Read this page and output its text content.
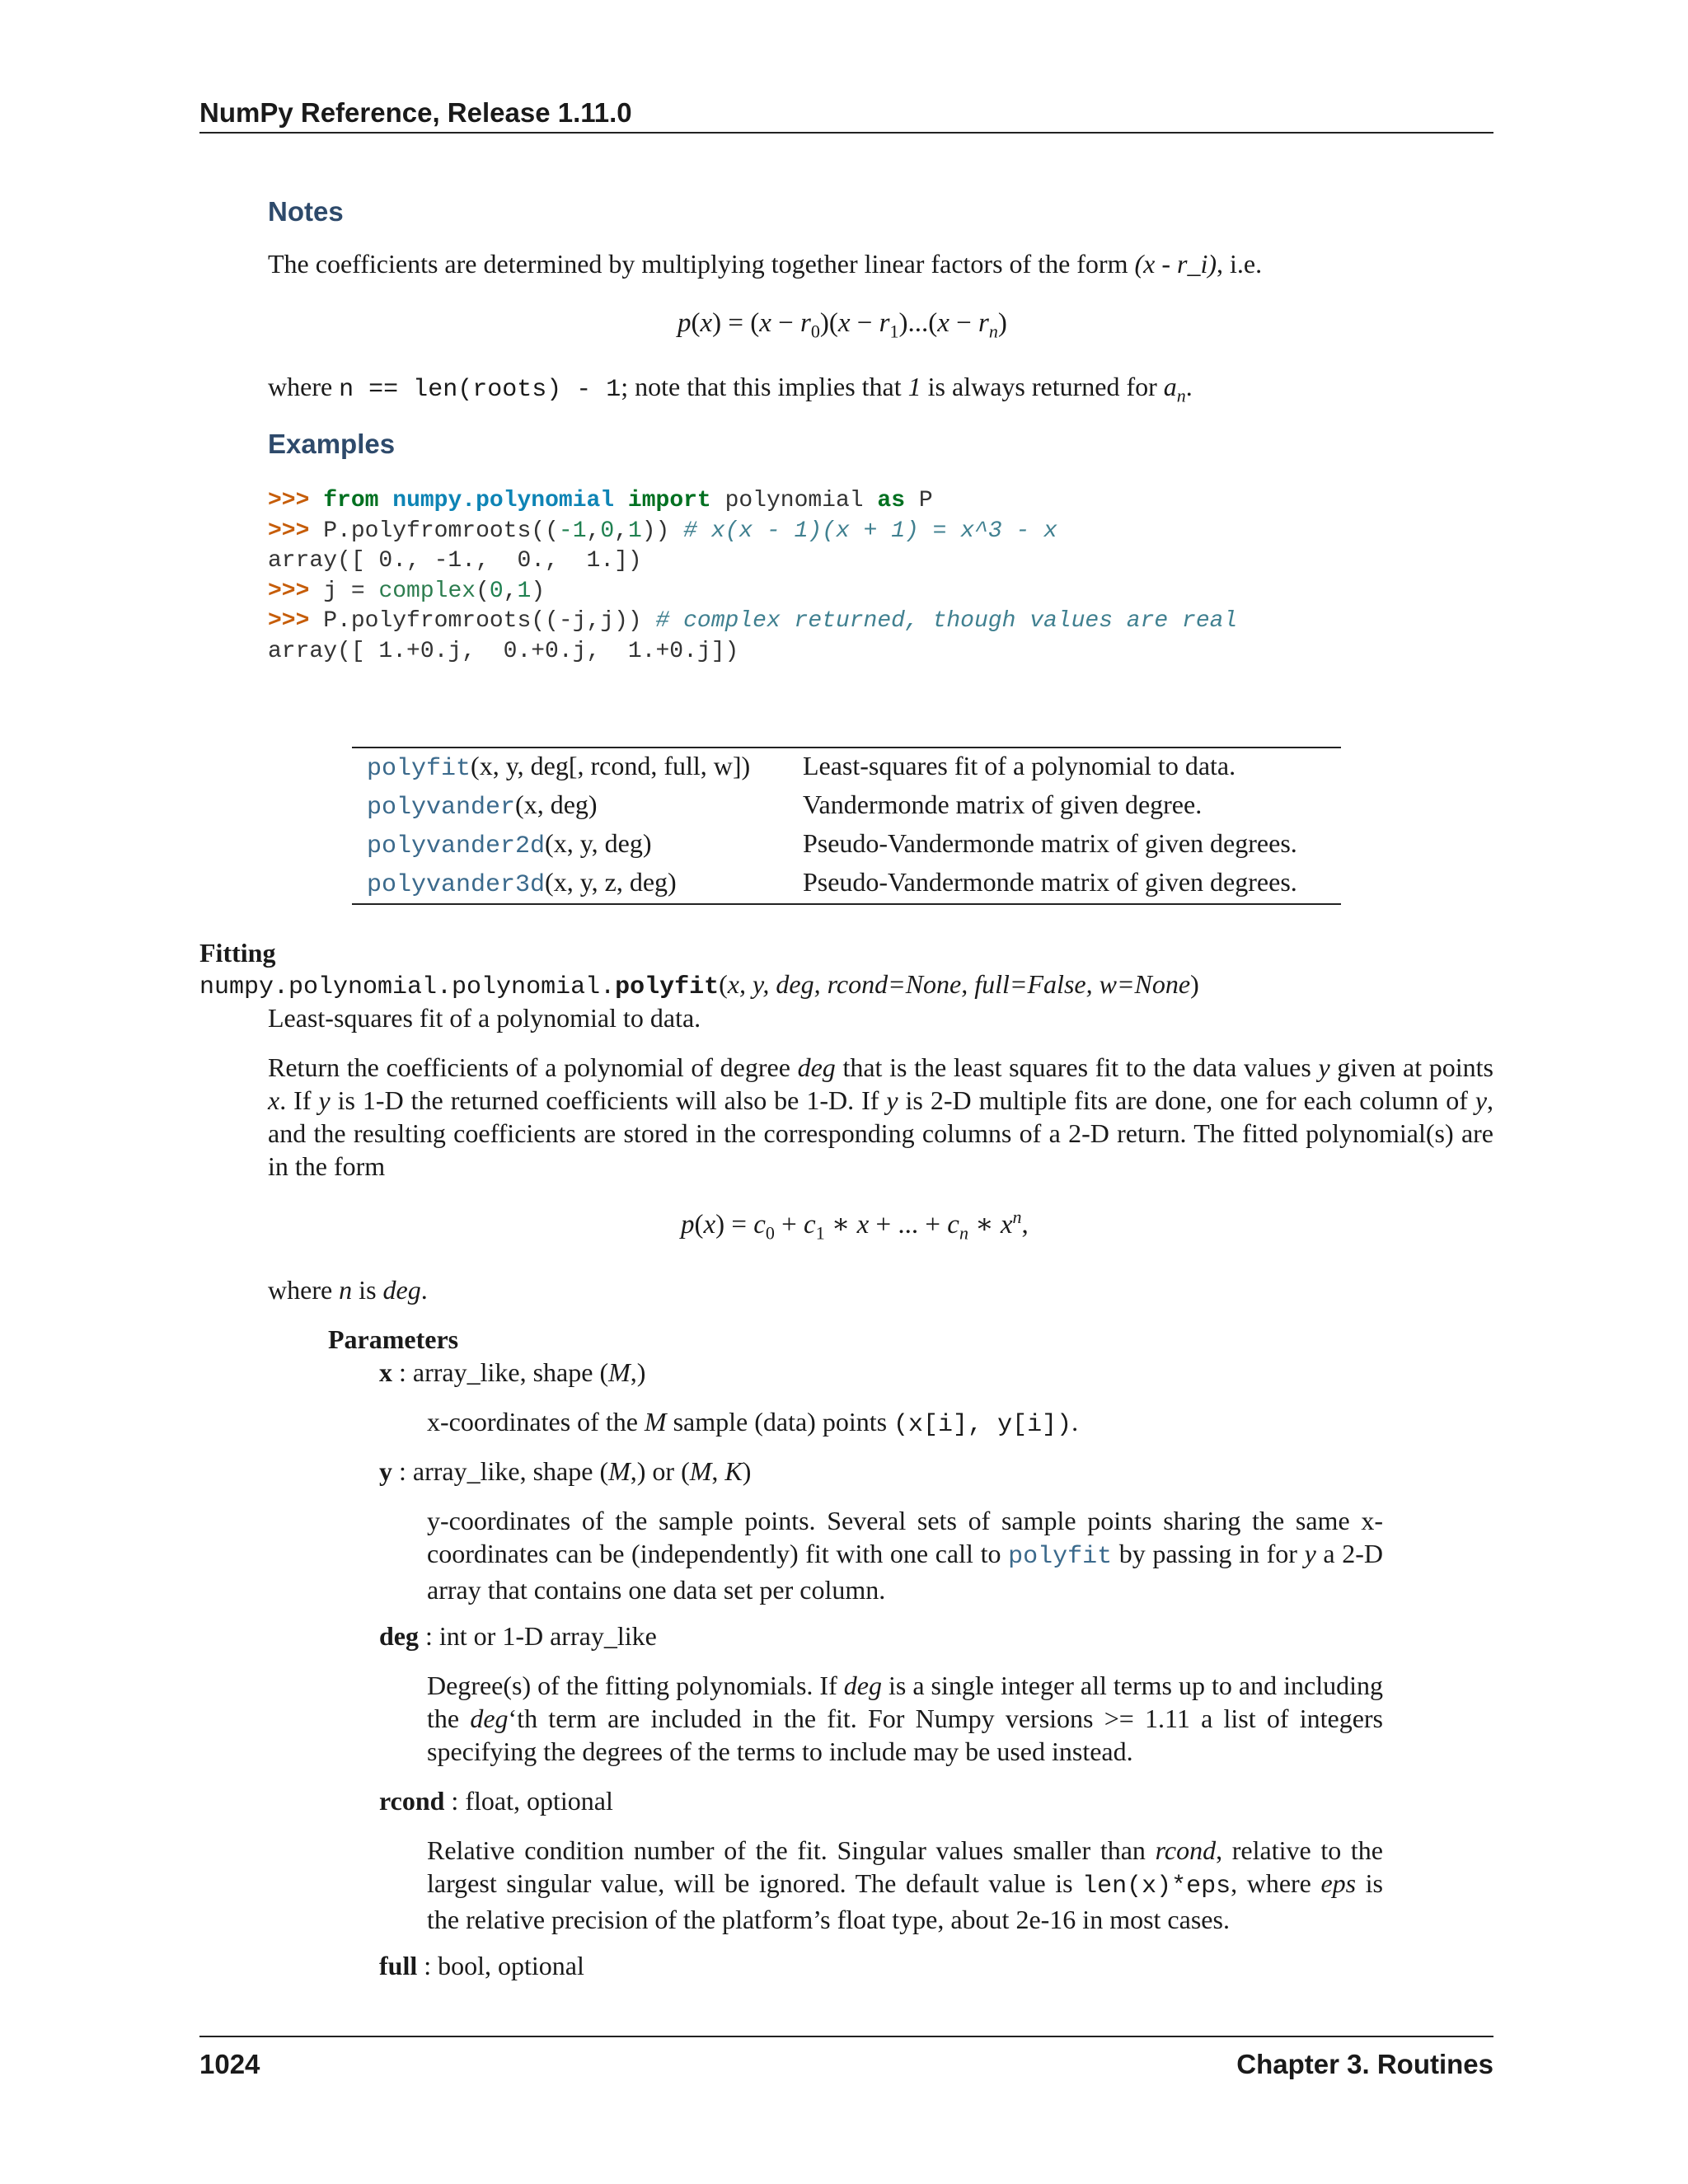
NumPy Reference, Release 1.11.0
Notes
The coefficients are determined by multiplying together linear factors of the form (x - r_i), i.e.
$p(x) = (x - r_0)(x - r_1)...(x - r_n)$
where n == len(roots) - 1; note that this implies that 1 is always returned for $a_n$.
Examples
>>> from numpy.polynomial import polynomial as P
>>> P.polyfromroots((-1,0,1)) # x(x - 1)(x + 1) = x^3 - x
array([ 0., -1.,  0.,  1.])
>>> j = complex(0,1)
>>> P.polyfromroots((-j,j)) # complex returned, though values are real
array([ 1.+0.j,  0.+0.j,  1.+0.j])
polyfit(x, y, deg[, rcond, full, w])	Least-squares fit of a polynomial to data.
polyvander(x, deg)	Vandermonde matrix of given degree.
polyvander2d(x, y, deg)	Pseudo-Vandermonde matrix of given degrees.
polyvander3d(x, y, z, deg)	Pseudo-Vandermonde matrix of given degrees.
Fitting
numpy.polynomial.polynomial.polyfit(x, y, deg, rcond=None, full=False, w=None)
Least-squares fit of a polynomial to data.
Return the coefficients of a polynomial of degree deg that is the least squares fit to the data values y given at points x. If y is 1-D the returned coefficients will also be 1-D. If y is 2-D multiple fits are done, one for each column of y, and the resulting coefficients are stored in the corresponding columns of a 2-D return. The fitted polynomial(s) are in the form
$p(x) = c_0 + c_1$ ∗ x + ... + $c_n$ ∗ $x^n$,
where n is deg.
Parameters
x : array_like, shape (M,)
x-coordinates of the M sample (data) points (x[i], y[i]).
y : array_like, shape (M,) or (M, K)
y-coordinates of the sample points. Several sets of sample points sharing the same x-coordinates can be (independently) fit with one call to polyfit by passing in for y a 2-D array that contains one data set per column.
deg : int or 1-D array_like
Degree(s) of the fitting polynomials. If deg is a single integer all terms up to and including the deg‘th term are included in the fit. For Numpy versions >= 1.11 a list of integers specifying the degrees of the terms to include may be used instead.
rcond : float, optional
Relative condition number of the fit. Singular values smaller than rcond, relative to the largest singular value, will be ignored. The default value is len(x)*eps, where eps is the relative precision of the platform’s float type, about 2e-16 in most cases.
full : bool, optional
1024	Chapter 3. Routines
